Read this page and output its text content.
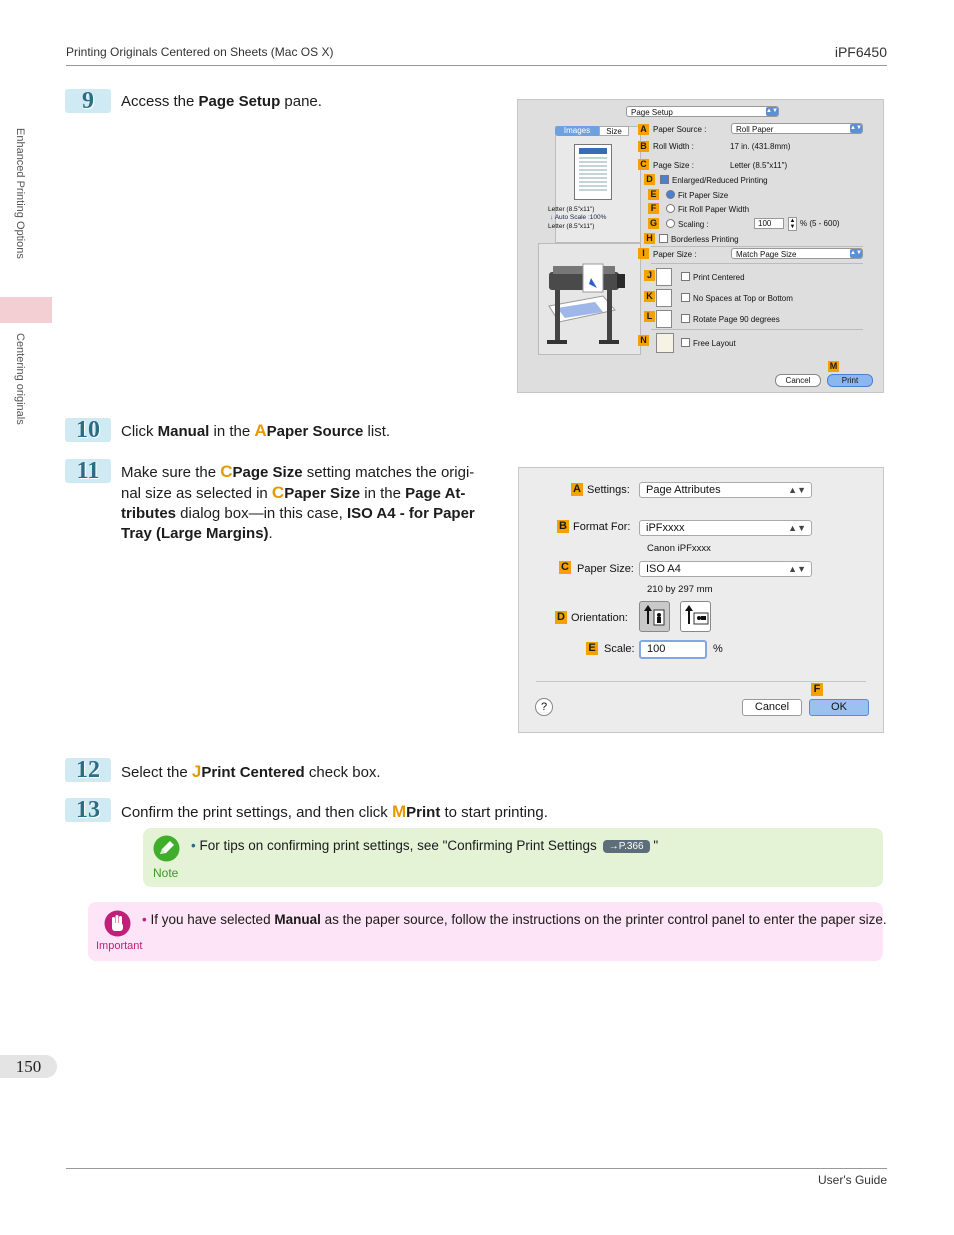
Printing Originals Centered on Sheets (Mac OS X)	iPF6450
Enhanced Printing Options
Centering originals
9	Access the Page Setup pane.
Page Setup	▲▼
Images	Size
Letter (8.5"x11")
↓ Auto Scale :100%
Letter (8.5"x11")
A
B
C
D
E
F
G
H
I
J
K
L
N
M
Paper Source :	Roll Paper	▲▼
Roll Width :	17 in. (431.8mm)
Page Size :	Letter (8.5"x11")
Enlarged/Reduced Printing
Fit Paper Size
Fit Roll Paper Width
Scaling :	100	▲
▼ % (5 - 600)
Borderless Printing
Paper Size :	Match Page Size	▲▼
Print Centered
No Spaces at Top or Bottom
Rotate Page 90 degrees
Free Layout
Cancel	Print
10	Click Manual in the APaper Source list.
11	Make sure the CPage Size setting matches the origi-
nal size as selected in CPaper Size in the Page At-
tributes dialog box—in this case, ISO A4 - for Paper
Tray (Large Margins).
A Settings:	Page Attributes	▲▼
B Format For:	iPFxxxx	▲▼
Canon iPFxxxx
C Paper Size:	ISO A4	▲▼
210 by 297 mm
D Orientation:
E Scale:	100	%
F
?	Cancel	OK
12	Select the JPrint Centered check box.
13	Confirm the print settings, and then click MPrint to start printing.
Note
• For tips on confirming print settings, see "Confirming Print Settings →P.366 "
Important
• If you have selected Manual as the paper source, follow the instructions on the printer control panel to enter the paper size.
150
User's Guide
